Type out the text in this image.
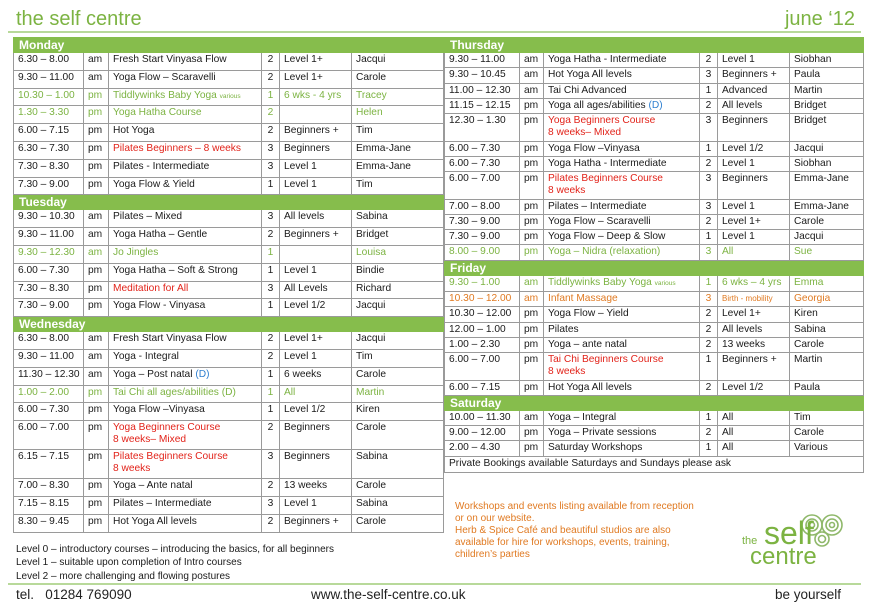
the self centre	june ‘12
Monday					
6.30 – 8.00	am	Fresh Start Vinyasa Flow	2	Level 1+	Jacqui
9.30 – 11.00	am	Yoga Flow – Scaravelli	2	Level 1+	Carole
10.30 – 1.00	pm	Tiddlywinks Baby Yoga various	1	6 wks - 4 yrs	Tracey
1.30 – 3.30	pm	Yoga Hatha Course	2		Helen
6.00 – 7.15	pm	Hot Yoga	2	Beginners +	Tim
6.30 – 7.30	pm	Pilates Beginners – 8 weeks	3	Beginners	Emma-Jane
7.30 – 8.30	pm	Pilates - Intermediate	3	Level 1	Emma-Jane
7.30 – 9.00	pm	Yoga Flow & Yield	1	Level 1	Tim
Tuesday					
9.30 – 10.30	am	Pilates – Mixed	3	All levels	Sabina
9.30 – 11.00	am	Yoga Hatha – Gentle	2	Beginners +	Bridget
9.30 – 12.30	am	Jo Jingles	1		Louisa
6.00 – 7.30	pm	Yoga Hatha – Soft & Strong	1	Level 1	Bindie
7.30 – 8.30	pm	Meditation for All	3	All Levels	Richard
7.30 – 9.00	pm	Yoga Flow - Vinyasa	1	Level 1/2	Jacqui
Wednesday					
6.30 – 8.00	am	Fresh Start Vinyasa Flow	2	Level 1+	Jacqui
9.30 – 11.00	am	Yoga - Integral	2	Level 1	Tim
11.30 – 12.30	am	Yoga – Post natal (D)	1	6 weeks	Carole
1.00 – 2.00	pm	Tai Chi all ages/abilities (D)	1	All	Martin
6.00 – 7.30	pm	Yoga Flow –Vinyasa	1	Level 1/2	Kiren
6.00 – 7.00	pm	Yoga Beginners Course
8 weeks– Mixed	2	Beginners	Carole
6.15 – 7.15	pm	Pilates Beginners Course
8 weeks	3	Beginners	Sabina
7.00 – 8.30	pm	Yoga – Ante natal	2	13 weeks	Carole
7.15 – 8.15	pm	Pilates – Intermediate	3	Level 1	Sabina
8.30 – 9.45	pm	Hot Yoga All levels	2	Beginners +	Carole
Thursday					
9.30 – 11.00	am	Yoga Hatha - Intermediate	2	Level 1	Siobhan
9.30 – 10.45	am	Hot Yoga All levels	3	Beginners +	Paula
11.00 – 12.30	am	Tai Chi Advanced	1	Advanced	Martin
11.15 – 12.15	pm	Yoga all ages/abilities (D)	2	All levels	Bridget
12.30 – 1.30	pm	Yoga Beginners Course
8 weeks– Mixed	3	Beginners	Bridget
6.00 – 7.30	pm	Yoga Flow –Vinyasa	1	Level 1/2	Jacqui
6.00 – 7.30	pm	Yoga Hatha - Intermediate	2	Level 1	Siobhan
6.00 – 7.00	pm	Pilates Beginners Course
8 weeks	3	Beginners	Emma-Jane
7.00 – 8.00	pm	Pilates – Intermediate	3	Level 1	Emma-Jane
7.30 – 9.00	pm	Yoga Flow – Scaravelli	2	Level 1+	Carole
7.30 – 9.00	pm	Yoga Flow – Deep & Slow	1	Level 1	Jacqui
8.00 – 9.00	pm	Yoga – Nidra (relaxation)	3	All	Sue
Friday					
9.30 – 1.00	am	Tiddlywinks Baby Yoga various	1	6 wks – 4 yrs	Emma
10.30 – 12.00	am	Infant Massage	3	Birth - mobility	Georgia
10.30 – 12.00	pm	Yoga Flow – Yield	2	Level 1+	Kiren
12.00 – 1.00	pm	Pilates	2	All levels	Sabina
1.00 – 2.30	pm	Yoga – ante natal	2	13 weeks	Carole
6.00 – 7.00	pm	Tai Chi Beginners Course
8 weeks	1	Beginners +	Martin
6.00 – 7.15	pm	Hot Yoga All levels	2	Level 1/2	Paula
Saturday					
10.00 – 11.30	am	Yoga – Integral	1	All	Tim
9.00 – 12.00	pm	Yoga – Private sessions	2	All	Carole
2.00 – 4.30	pm	Saturday Workshops	1	All	Various
Private Bookings available Saturdays and Sundays please ask					
Level 0 – introductory courses – introducing the basics, for all beginners
Level 1 – suitable upon completion of Intro courses
Level 2 – more challenging and flowing postures
Workshops and events listing available from reception
or on our website.
Herb & Spice Café and beautiful studios are also
available for hire for workshops, events, training,
children’s parties
the self
centre
tel.   01284 769090	www.the-self-centre.co.uk	be yourself
